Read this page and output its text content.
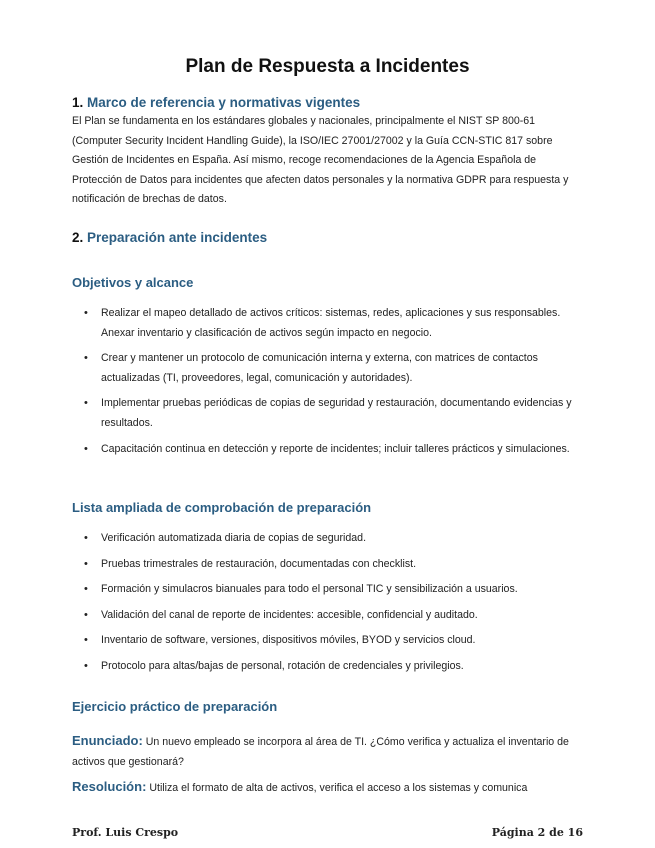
Plan de Respuesta a Incidentes
1. Marco de referencia y normativas vigentes

El Plan se fundamenta en los estándares globales y nacionales, principalmente el NIST SP 800-61 (Computer Security Incident Handling Guide), la ISO/IEC 27001/27002 y la Guía CCN-STIC 817 sobre Gestión de Incidentes en España. Así mismo, recoge recomendaciones de la Agencia Española de Protección de Datos para incidentes que afecten datos personales y la normativa GDPR para respuesta y notificación de brechas de datos.

2. Preparación ante incidentes
Objetivos y alcance
• Realizar el mapeo detallado de activos críticos: sistemas, redes, aplicaciones y sus responsables. Anexar inventario y clasificación de activos según impacto en negocio.
• Crear y mantener un protocolo de comunicación interna y externa, con matrices de contactos actualizadas (TI, proveedores, legal, comunicación y autoridades).
• Implementar pruebas periódicas de copias de seguridad y restauración, documentando evidencias y resultados.
• Capacitación continua en detección y reporte de incidentes; incluir talleres prácticos y simulaciones.
Lista ampliada de comprobación de preparación
• Verificación automatizada diaria de copias de seguridad.
• Pruebas trimestrales de restauración, documentadas con checklist.
• Formación y simulacros bianuales para todo el personal TIC y sensibilización a usuarios.
• Validación del canal de reporte de incidentes: accesible, confidencial y auditado.
• Inventario de software, versiones, dispositivos móviles, BYOD y servicios cloud.
• Protocolo para altas/bajas de personal, rotación de credenciales y privilegios.
Ejercicio práctico de preparación

Enunciado: Un nuevo empleado se incorpora al área de TI. ¿Cómo verifica y actualiza el inventario de activos que gestionará?

Resolución: Utiliza el formato de alta de activos, verifica el acceso a los sistemas y comunica

Prof. Luis Crespo	Página 2 de 16
